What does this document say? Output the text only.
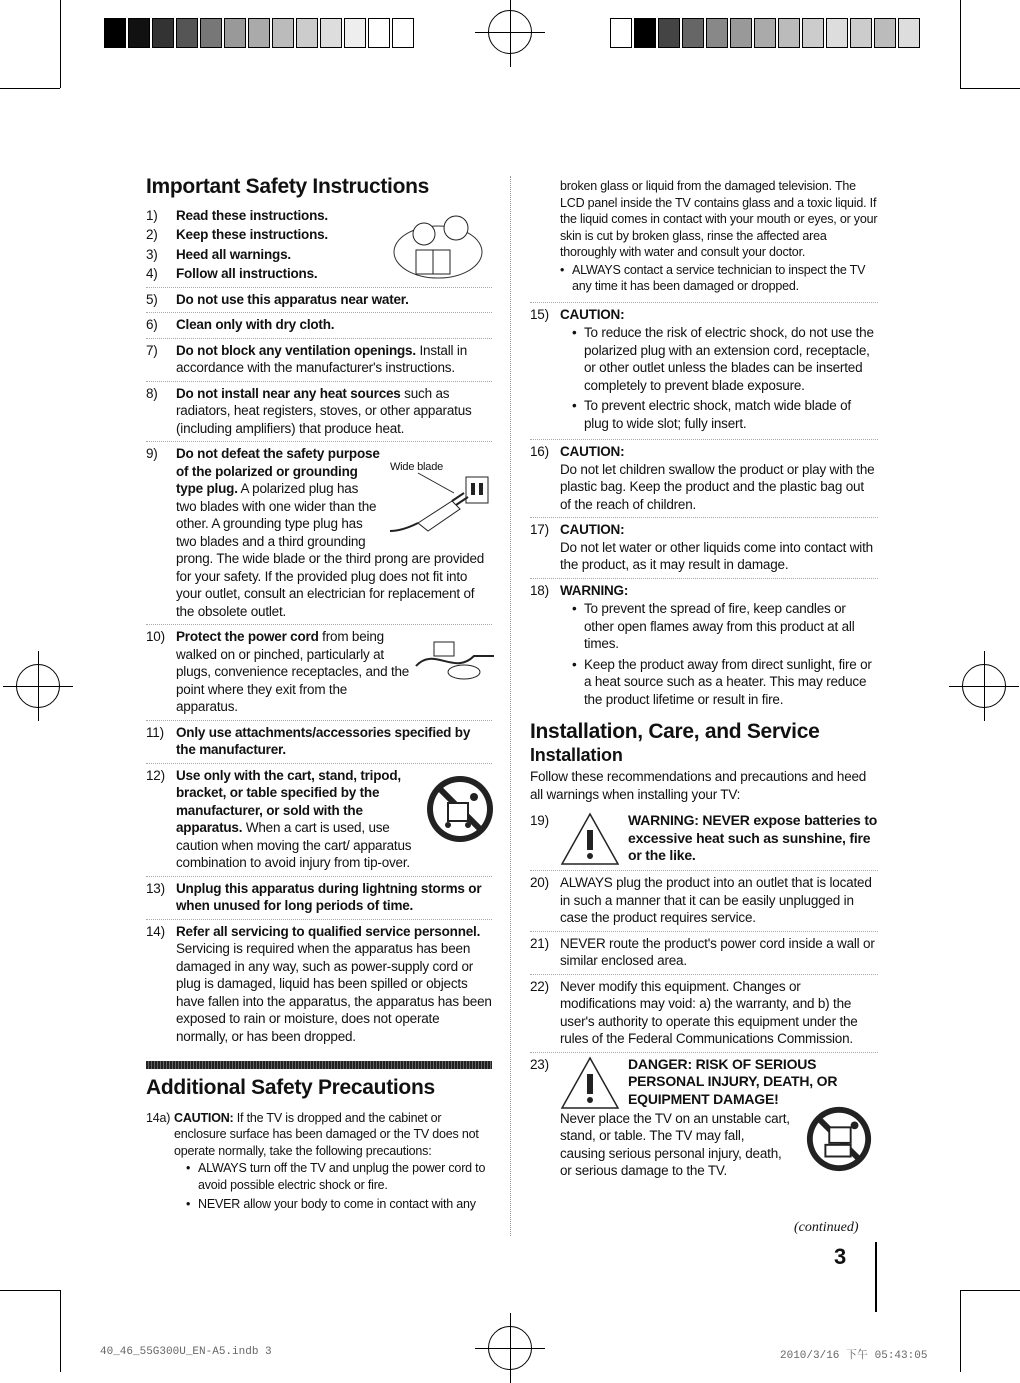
Important Safety Instructions
1)	Read these instructions.
2)	Keep these instructions.
3)	Heed all warnings.
4)	Follow all instructions.
5)	Do not use this apparatus near water.
6)	Clean only with dry cloth.
7)	Do not block any ventilation openings. Install in accordance with the manufacturer's instructions.
8)	Do not install near any heat sources such as radiators, heat registers, stoves, or other apparatus (including amplifiers) that produce heat.
9)
Wide blade
Do not defeat the safety purpose of the polarized or grounding type plug. A polarized plug has two blades with one wider than the other. A grounding type plug has two blades and a third grounding prong. The wide blade or the third prong are provided for your safety. If the provided plug does not fit into your outlet, consult an electrician for replacement of the obsolete outlet.
10) Protect the power cord from being walked on or pinched, particularly at plugs, convenience receptacles, and the point where they exit from the apparatus.
11) Only use attachments/accessories specified by the manufacturer.
12) Use only with the cart, stand, tripod, bracket, or table specified by the manufacturer, or sold with the apparatus. When a cart is used, use caution when moving the cart/ apparatus combination to avoid injury from tip-over.
13) Unplug this apparatus during lightning storms or when unused for long periods of time.
14) Refer all servicing to qualified service personnel. Servicing is required when the apparatus has been damaged in any way, such as power-supply cord or plug is damaged, liquid has been spilled or objects have fallen into the apparatus, the apparatus has been exposed to rain or moisture, does not operate normally, or has been dropped.
Additional Safety Precautions
14a) CAUTION: If the TV is dropped and the cabinet or enclosure surface has been damaged or the TV does not operate normally, take the following precautions:
• ALWAYS turn off the TV and unplug the power cord to avoid possible electric shock or fire.
• NEVER allow your body to come in contact with any
broken glass or liquid from the damaged television. The LCD panel inside the TV contains glass and a toxic liquid. If the liquid comes in contact with your mouth or eyes, or your skin is cut by broken glass, rinse the affected area thoroughly with water and consult your doctor.
• ALWAYS contact a service technician to inspect the TV any time it has been damaged or dropped.
15) CAUTION:
• To reduce the risk of electric shock, do not use the polarized plug with an extension cord, receptacle, or other outlet unless the blades can be inserted completely to prevent blade exposure.
• To prevent electric shock, match wide blade of plug to wide slot; fully insert.
16) CAUTION:
Do not let children swallow the product or play with the plastic bag. Keep the product and the plastic bag out of the reach of children.
17) CAUTION:
Do not let water or other liquids come into contact with the product, as it may result in damage.
18) WARNING:
• To prevent the spread of fire, keep candles or other open flames away from this product at all times.
• Keep the product away from direct sunlight, fire or a heat source such as a heater. This may reduce the product lifetime or result in fire.
Installation, Care, and Service
Installation
Follow these recommendations and precautions and heed all warnings when installing your TV:
19)	WARNING: NEVER expose batteries to excessive heat such as sunshine, fire or the like.
20) ALWAYS plug the product into an outlet that is located in such a manner that it can be easily unplugged in case the product requires service.
21) NEVER route the product's power cord inside a wall or similar enclosed area.
22) Never modify this equipment. Changes or modifications may void: a) the warranty, and b) the user's authority to operate this equipment under the rules of the Federal Communications Commission.
23)	DANGER: RISK OF SERIOUS PERSONAL INJURY, DEATH, OR EQUIPMENT DAMAGE!
Never place the TV on an unstable cart, stand, or table. The TV may fall, causing serious personal injury, death, or serious damage to the TV.
(continued)
3
40_46_55G300U_EN-A5.indb 3	2010/3/16 下午 05:43:05
